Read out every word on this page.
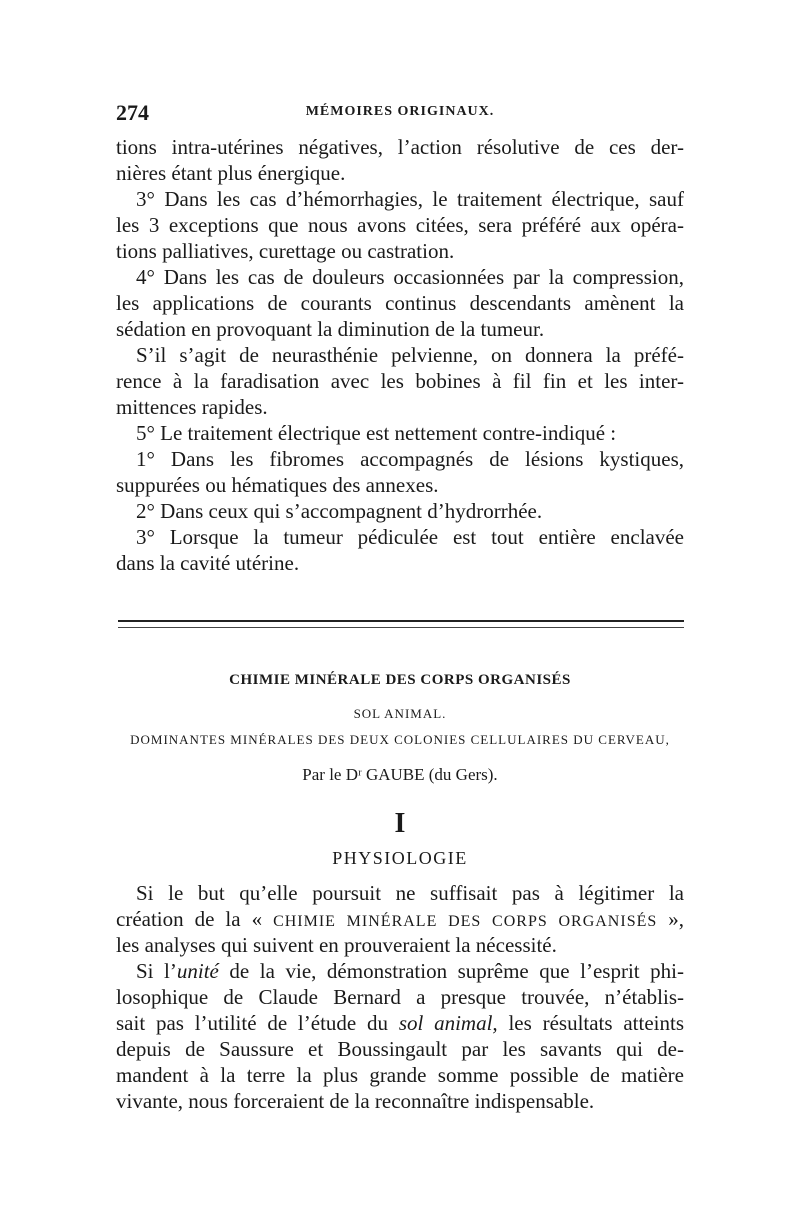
274	MÉMOIRES ORIGINAUX.
tions intra-utérines négatives, l’action résolutive de ces der-
nières étant plus énergique.
3° Dans les cas d’hémorrhagies, le traitement électrique, sauf
les 3 exceptions que nous avons citées, sera préféré aux opéra-
tions palliatives, curettage ou castration.
4° Dans les cas de douleurs occasionnées par la compression,
les applications de courants continus descendants amènent la
sédation en provoquant la diminution de la tumeur.
S’il s’agit de neurasthénie pelvienne, on donnera la préfé-
rence à la faradisation avec les bobines à fil fin et les inter-
mittences rapides.
5° Le traitement électrique est nettement contre-indiqué :
1° Dans les fibromes accompagnés de lésions kystiques,
suppurées ou hématiques des annexes.
2° Dans ceux qui s’accompagnent d’hydrorrhée.
3° Lorsque la tumeur pédiculée est tout entière enclavée
dans la cavité utérine.
CHIMIE MINÉRALE DES CORPS ORGANISÉS
SOL ANIMAL.
DOMINANTES MINÉRALES DES DEUX COLONIES CELLULAIRES DU CERVEAU,
Par le Dʳ GAUBE (du Gers).
I
PHYSIOLOGIE
Si le but qu’elle poursuit ne suffisait pas à légitimer la
création de la « CHIMIE MINÉRALE DES CORPS ORGANISÉS »,
les analyses qui suivent en prouveraient la nécessité.
Si l’unité de la vie, démonstration suprême que l’esprit phi-
losophique de Claude Bernard a presque trouvée, n’établis-
sait pas l’utilité de l’étude du sol animal, les résultats atteints
depuis de Saussure et Boussingault par les savants qui de-
mandent à la terre la plus grande somme possible de matière
vivante, nous forceraient de la reconnaître indispensable.
